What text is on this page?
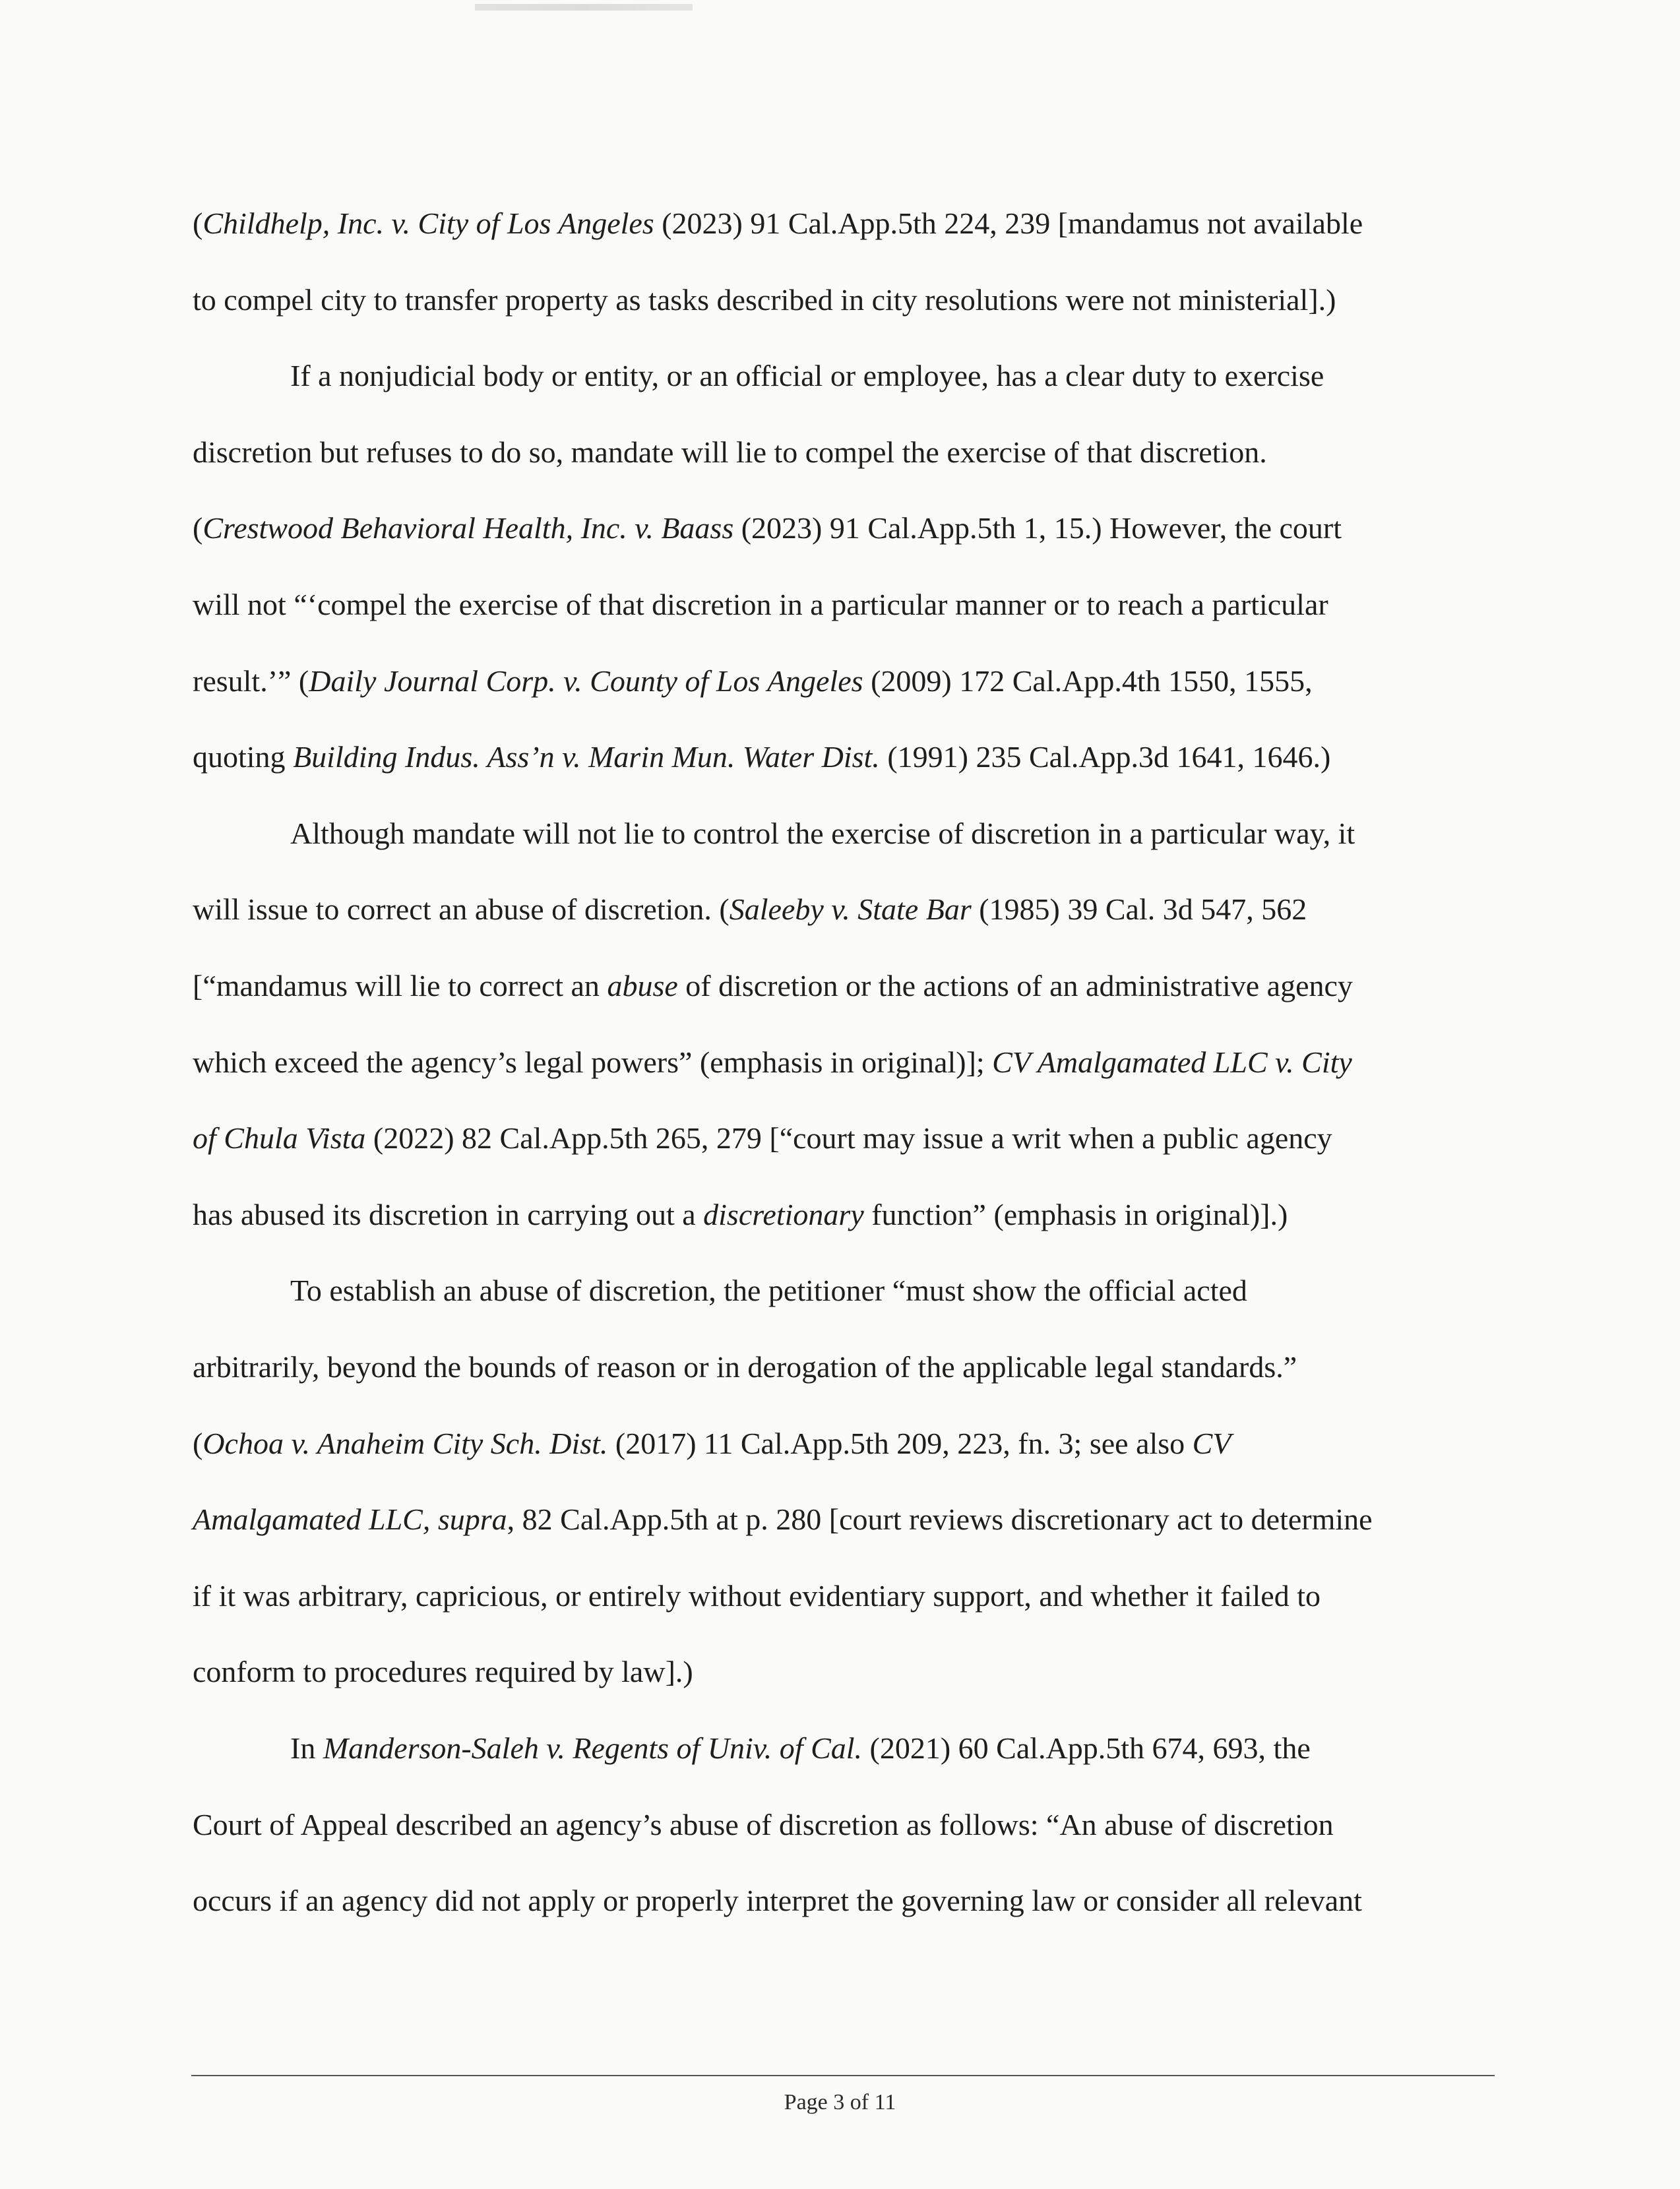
(Childhelp, Inc. v. City of Los Angeles (2023) 91 Cal.App.5th 224, 239 [mandamus not available
to compel city to transfer property as tasks described in city resolutions were not ministerial].)
If a nonjudicial body or entity, or an official or employee, has a clear duty to exercise
discretion but refuses to do so, mandate will lie to compel the exercise of that discretion.
(Crestwood Behavioral Health, Inc. v. Baass (2023) 91 Cal.App.5th 1, 15.) However, the court
will not “‘compel the exercise of that discretion in a particular manner or to reach a particular
result.’” (Daily Journal Corp. v. County of Los Angeles (2009) 172 Cal.App.4th 1550, 1555,
quoting Building Indus. Ass’n v. Marin Mun. Water Dist. (1991) 235 Cal.App.3d 1641, 1646.)
Although mandate will not lie to control the exercise of discretion in a particular way, it
will issue to correct an abuse of discretion. (Saleeby v. State Bar (1985) 39 Cal. 3d 547, 562
[“mandamus will lie to correct an abuse of discretion or the actions of an administrative agency
which exceed the agency’s legal powers” (emphasis in original)]; CV Amalgamated LLC v. City
of Chula Vista (2022) 82 Cal.App.5th 265, 279 [“court may issue a writ when a public agency
has abused its discretion in carrying out a discretionary function” (emphasis in original)].)
To establish an abuse of discretion, the petitioner “must show the official acted
arbitrarily, beyond the bounds of reason or in derogation of the applicable legal standards.”
(Ochoa v. Anaheim City Sch. Dist. (2017) 11 Cal.App.5th 209, 223, fn. 3; see also CV
Amalgamated LLC, supra, 82 Cal.App.5th at p. 280 [court reviews discretionary act to determine
if it was arbitrary, capricious, or entirely without evidentiary support, and whether it failed to
conform to procedures required by law].)
In Manderson-Saleh v. Regents of Univ. of Cal. (2021) 60 Cal.App.5th 674, 693, the
Court of Appeal described an agency’s abuse of discretion as follows: “An abuse of discretion
occurs if an agency did not apply or properly interpret the governing law or consider all relevant
Page 3 of 11
